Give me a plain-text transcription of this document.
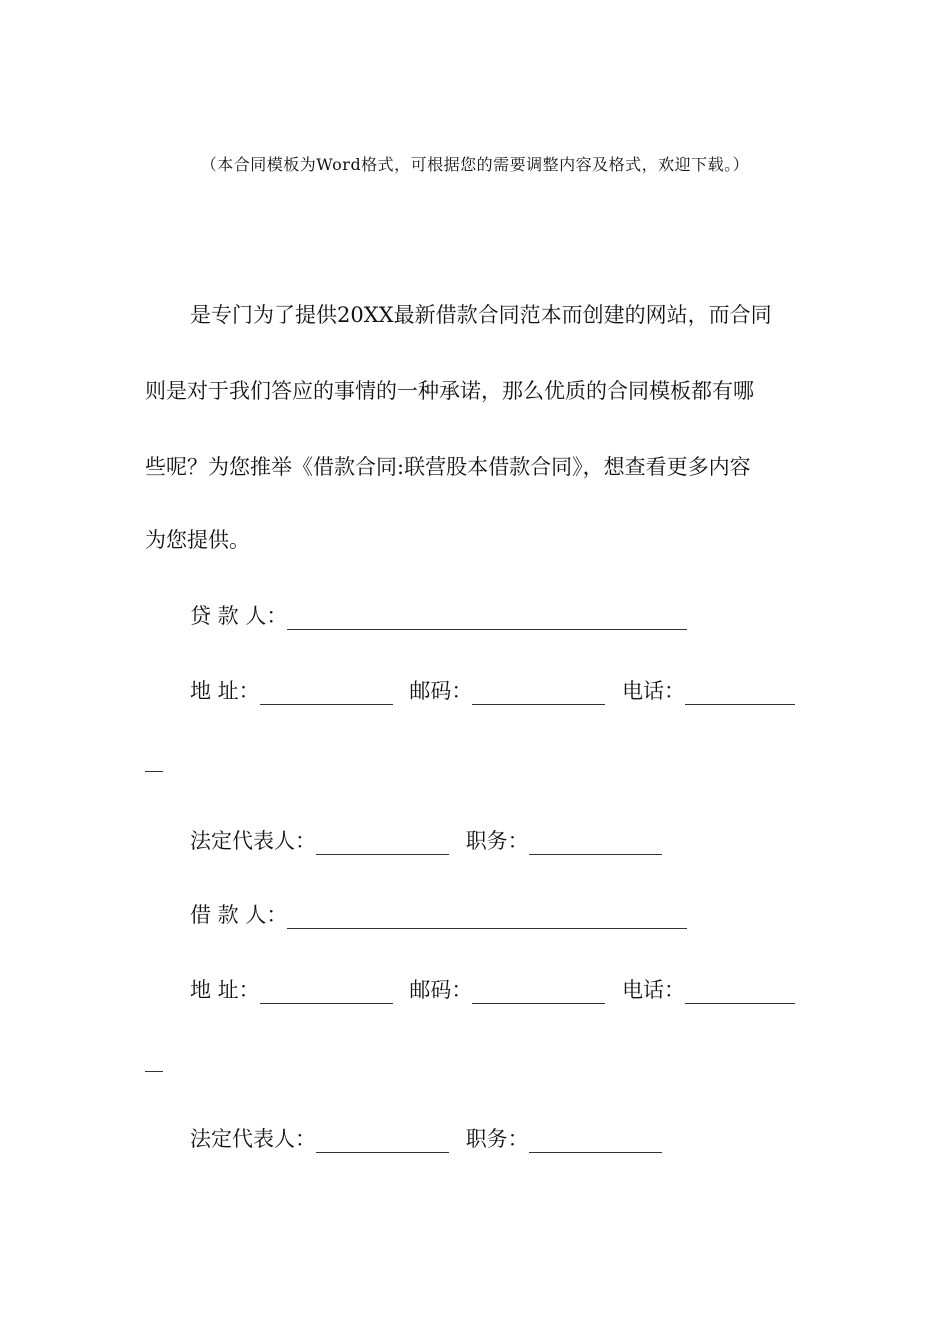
（本合同模板为Word格式，可根据您的需要调整内容及格式，欢迎下载。）
是专门为了提供20XX最新借款合同范本而创建的网站，而合同
则是对于我们答应的事情的一种承诺，那么优质的合同模板都有哪
些呢？为您推举《借款合同:联营股本借款合同》，想查看更多内容
为您提供。
贷 款 人：
地 址：	邮码：	电话：
法定代表人：	职务：
借 款 人：
地 址：	邮码：	电话：
法定代表人：	职务：
